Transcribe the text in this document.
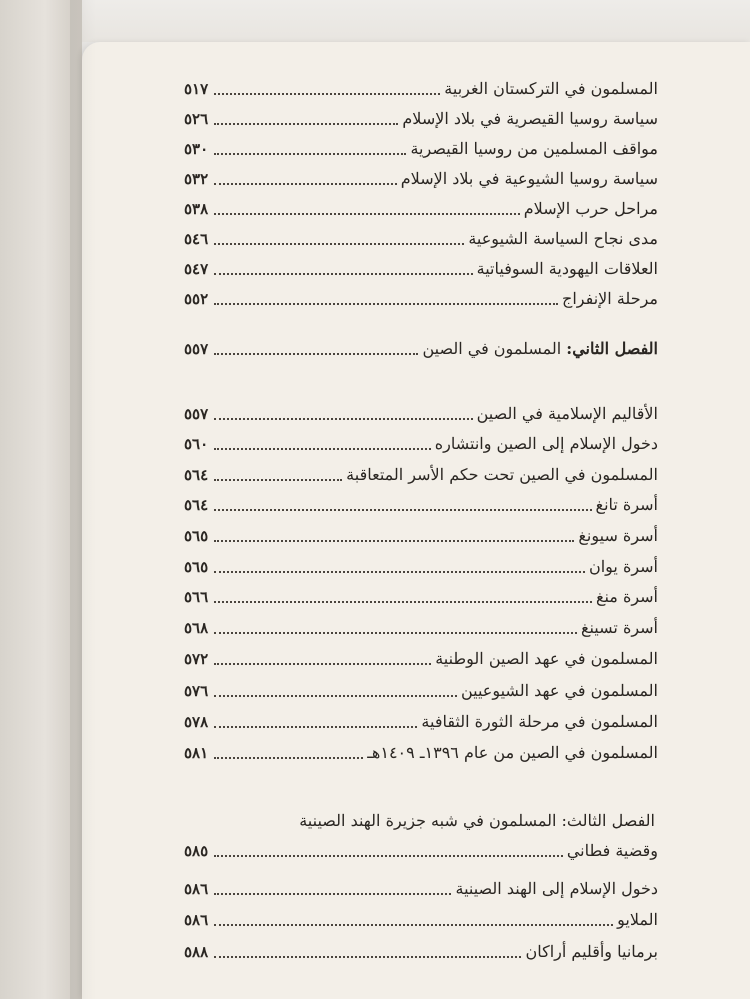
المسلمون في التركستان الغربية
٥١٧
سياسة روسيا القيصرية في بلاد الإسلام
٥٢٦
مواقف المسلمين من روسيا القيصرية
٥٣٠
سياسة روسيا الشيوعية في بلاد الإسلام
٥٣٢
مراحل حرب الإسلام
٥٣٨
مدى نجاح السياسة الشيوعية
٥٤٦
العلاقات اليهودية السوفياتية
٥٤٧
مرحلة الإنفراج
٥٥٢
الفصل الثاني: المسلمون في الصين
٥٥٧
الأقاليم الإسلامية في الصين
٥٥٧
دخول الإسلام إلى الصين وانتشاره
٥٦٠
المسلمون في الصين تحت حكم الأسر المتعاقبة
٥٦٤
أسرة تانغ
٥٦٤
أسرة سيونغ
٥٦٥
أسرة يوان
٥٦٥
أسرة منغ
٥٦٦
أسرة تسينغ
٥٦٨
المسلمون في عهد الصين الوطنية
٥٧٢
المسلمون في عهد الشيوعيين
٥٧٦
المسلمون في مرحلة الثورة الثقافية
٥٧٨
المسلمون في الصين من عام ١٣٩٦ـ ١٤٠٩هـ
٥٨١
الفصل الثالث: المسلمون في شبه جزيرة الهند الصينية
وقضية فطاني
٥٨٥
دخول الإسلام إلى الهند الصينية
٥٨٦
الملايو
٥٨٦
برمانيا وأقليم أراكان
٥٨٨
